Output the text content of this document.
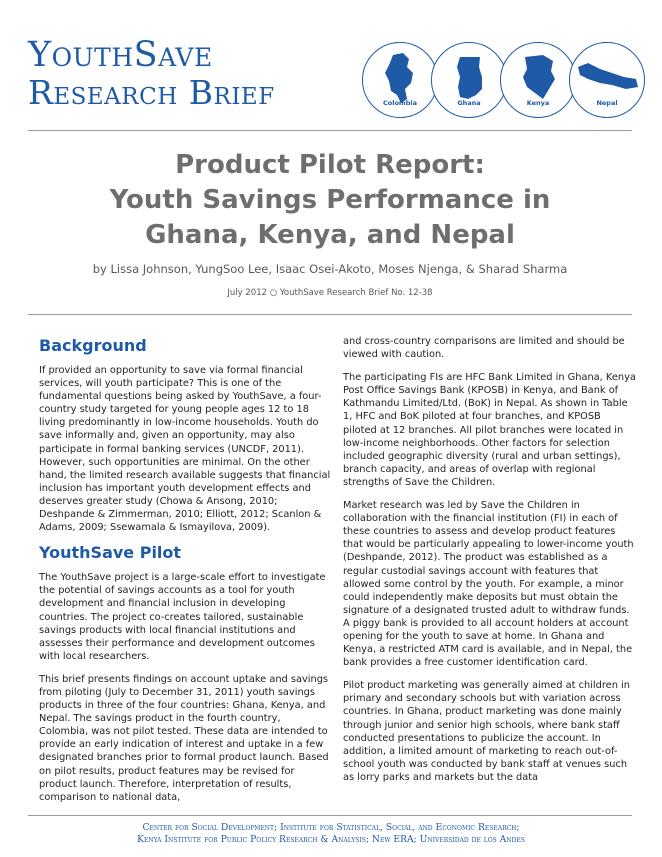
YouthSave
Research Brief	Colombia	Ghana	Kenya	Nepal
Product Pilot Report:
Youth Savings Performance in
Ghana, Kenya, and Nepal
by Lissa Johnson, YungSoo Lee, Isaac Osei-Akoto, Moses Njenga, & Sharad Sharma
July 2012 ○ YouthSave Research Brief No. 12-38
Background

If provided an opportunity to save via formal financial services, will youth participate? This is one of the fundamental questions being asked by YouthSave, a four-country study targeted for young people ages 12 to 18 living predominantly in low-income households. Youth do save informally and, given an opportunity, may also participate in formal banking services (UNCDF, 2011). However, such opportunities are minimal. On the other hand, the limited research available suggests that financial inclusion has important youth development effects and deserves greater study (Chowa & Ansong, 2010; Deshpande & Zimmerman, 2010; Elliott, 2012; Scanlon & Adams, 2009; Ssewamala & Ismayilova, 2009).

YouthSave Pilot

The YouthSave project is a large-scale effort to investigate the potential of savings accounts as a tool for youth development and financial inclusion in developing countries. The project co-creates tailored, sustainable savings products with local financial institutions and assesses their performance and development outcomes with local researchers.

This brief presents findings on account uptake and savings from piloting (July to December 31, 2011) youth savings products in three of the four countries: Ghana, Kenya, and Nepal. The savings product in the fourth country, Colombia, was not pilot tested. These data are intended to provide an early indication of interest and uptake in a few designated branches prior to formal product launch. Based on pilot results, product features may be revised for product launch. Therefore, interpretation of results, comparison to national data,

and cross-country comparisons are limited and should be viewed with caution.

The participating FIs are HFC Bank Limited in Ghana, Kenya Post Office Savings Bank (KPOSB) in Kenya, and Bank of Kathmandu Limited/Ltd. (BoK) in Nepal. As shown in Table 1, HFC and BoK piloted at four branches, and KPOSB piloted at 12 branches. All pilot branches were located in low-income neighborhoods. Other factors for selection included geographic diversity (rural and urban settings), branch capacity, and areas of overlap with regional strengths of Save the Children.

Market research was led by Save the Children in collaboration with the financial institution (FI) in each of these countries to assess and develop product features that would be particularly appealing to lower-income youth (Deshpande, 2012). The product was established as a regular custodial savings account with features that allowed some control by the youth. For example, a minor could independently make deposits but must obtain the signature of a designated trusted adult to withdraw funds. A piggy bank is provided to all account holders at account opening for the youth to save at home. In Ghana and Kenya, a restricted ATM card is available, and in Nepal, the bank provides a free customer identification card.

Pilot product marketing was generally aimed at children in primary and secondary schools but with variation across countries. In Ghana, product marketing was done mainly through junior and senior high schools, where bank staff conducted presentations to publicize the account. In addition, a limited amount of marketing to reach out-of-school youth was conducted by bank staff at venues such as lorry parks and markets but the data

Center for Social Development; Institute for Statistical, Social, and Economic Research;
Kenya Institute for Public Policy Research & Analysis; New ERA; Universidad de los Andes
